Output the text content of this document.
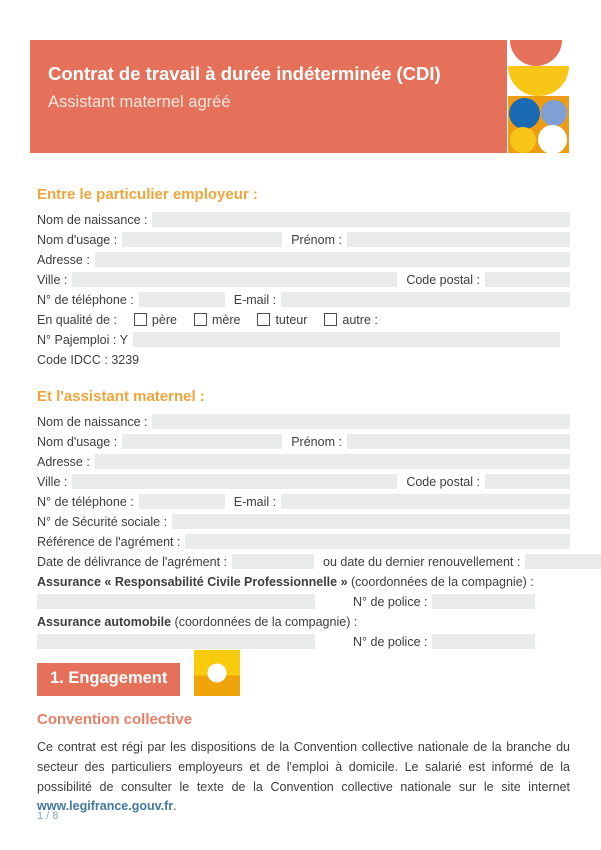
Contrat de travail à durée indéterminée (CDI)
Assistant maternel agréé
Entre le particulier employeur :
Nom de naissance :
Nom d'usage :	Prénom :
Adresse :
Ville :	Code postal :
N° de téléphone :	E-mail :
En qualité de :	père	mère	tuteur	autre :
N° Pajemploi : Y
Code IDCC : 3239
Et l'assistant maternel :
Nom de naissance :
Nom d'usage :	Prénom :
Adresse :
Ville :	Code postal :
N° de téléphone :	E-mail :
N° de Sécurité sociale :
Référence de l'agrément :
Date de délivrance de l'agrément :	ou date du dernier renouvellement :
Assurance « Responsabilité Civile Professionnelle » (coordonnées de la compagnie) :
N° de police :
Assurance automobile (coordonnées de la compagnie) :
N° de police :
1. Engagement
Convention collective

Ce contrat est régi par les dispositions de la Convention collective nationale de la branche du secteur des particuliers employeurs et de l'emploi à domicile. Le salarié est informé de la possibilité de consulter le texte de la Convention collective nationale sur le site internet www.legifrance.gouv.fr.

1 / 8
